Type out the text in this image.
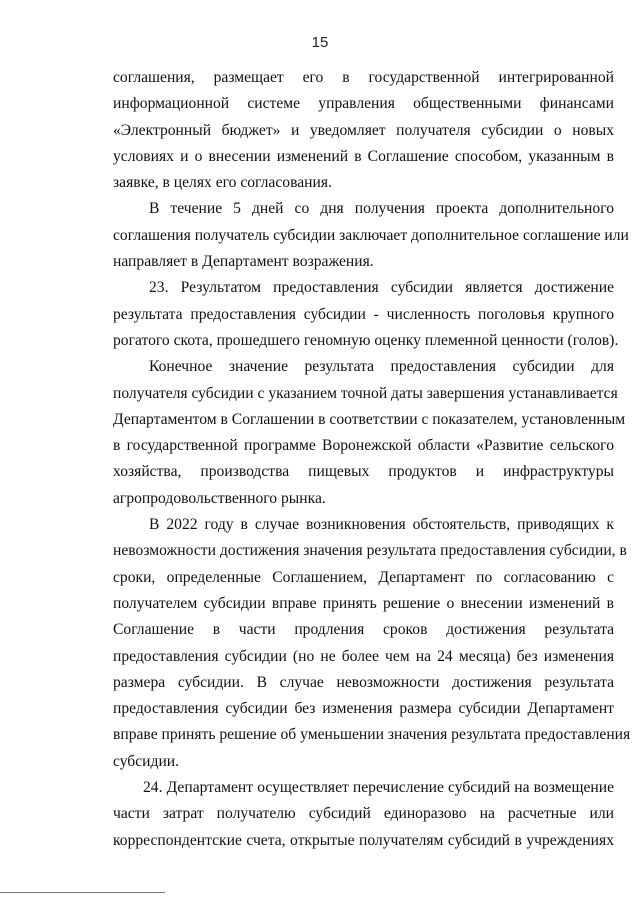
15
соглашения, размещает его в государственной интегрированной
информационной системе управления общественными финансами
«Электронный бюджет» и уведомляет получателя субсидии о новых
условиях и о внесении изменений в Соглашение способом, указанным в
заявке, в целях его согласования.
В течение 5 дней со дня получения проекта дополнительного
соглашения получатель субсидии заключает дополнительное соглашение или
направляет в Департамент возражения.
23. Результатом предоставления субсидии является достижение
результата предоставления субсидии - численность поголовья крупного
рогатого скота, прошедшего геномную оценку племенной ценности (голов).
Конечное значение результата предоставления субсидии для
получателя субсидии с указанием точной даты завершения устанавливается
Департаментом в Соглашении в соответствии с показателем, установленным
в государственной программе Воронежской области «Развитие сельского
хозяйства, производства пищевых продуктов и инфраструктуры
агропродовольственного рынка.
В 2022 году в случае возникновения обстоятельств, приводящих к
невозможности достижения значения результата предоставления субсидии, в
сроки, определенные Соглашением, Департамент по согласованию с
получателем субсидии вправе принять решение о внесении изменений в
Соглашение в части продления сроков достижения результата
предоставления субсидии (но не более чем на 24 месяца) без изменения
размера субсидии. В случае невозможности достижения результата
предоставления субсидии без изменения размера субсидии Департамент
вправе принять решение об уменьшении значения результата предоставления
субсидии.
24. Департамент осуществляет перечисление субсидий на возмещение
части затрат получателю субсидий единоразово на расчетные или
корреспондентские счета, открытые получателям субсидий в учреждениях
